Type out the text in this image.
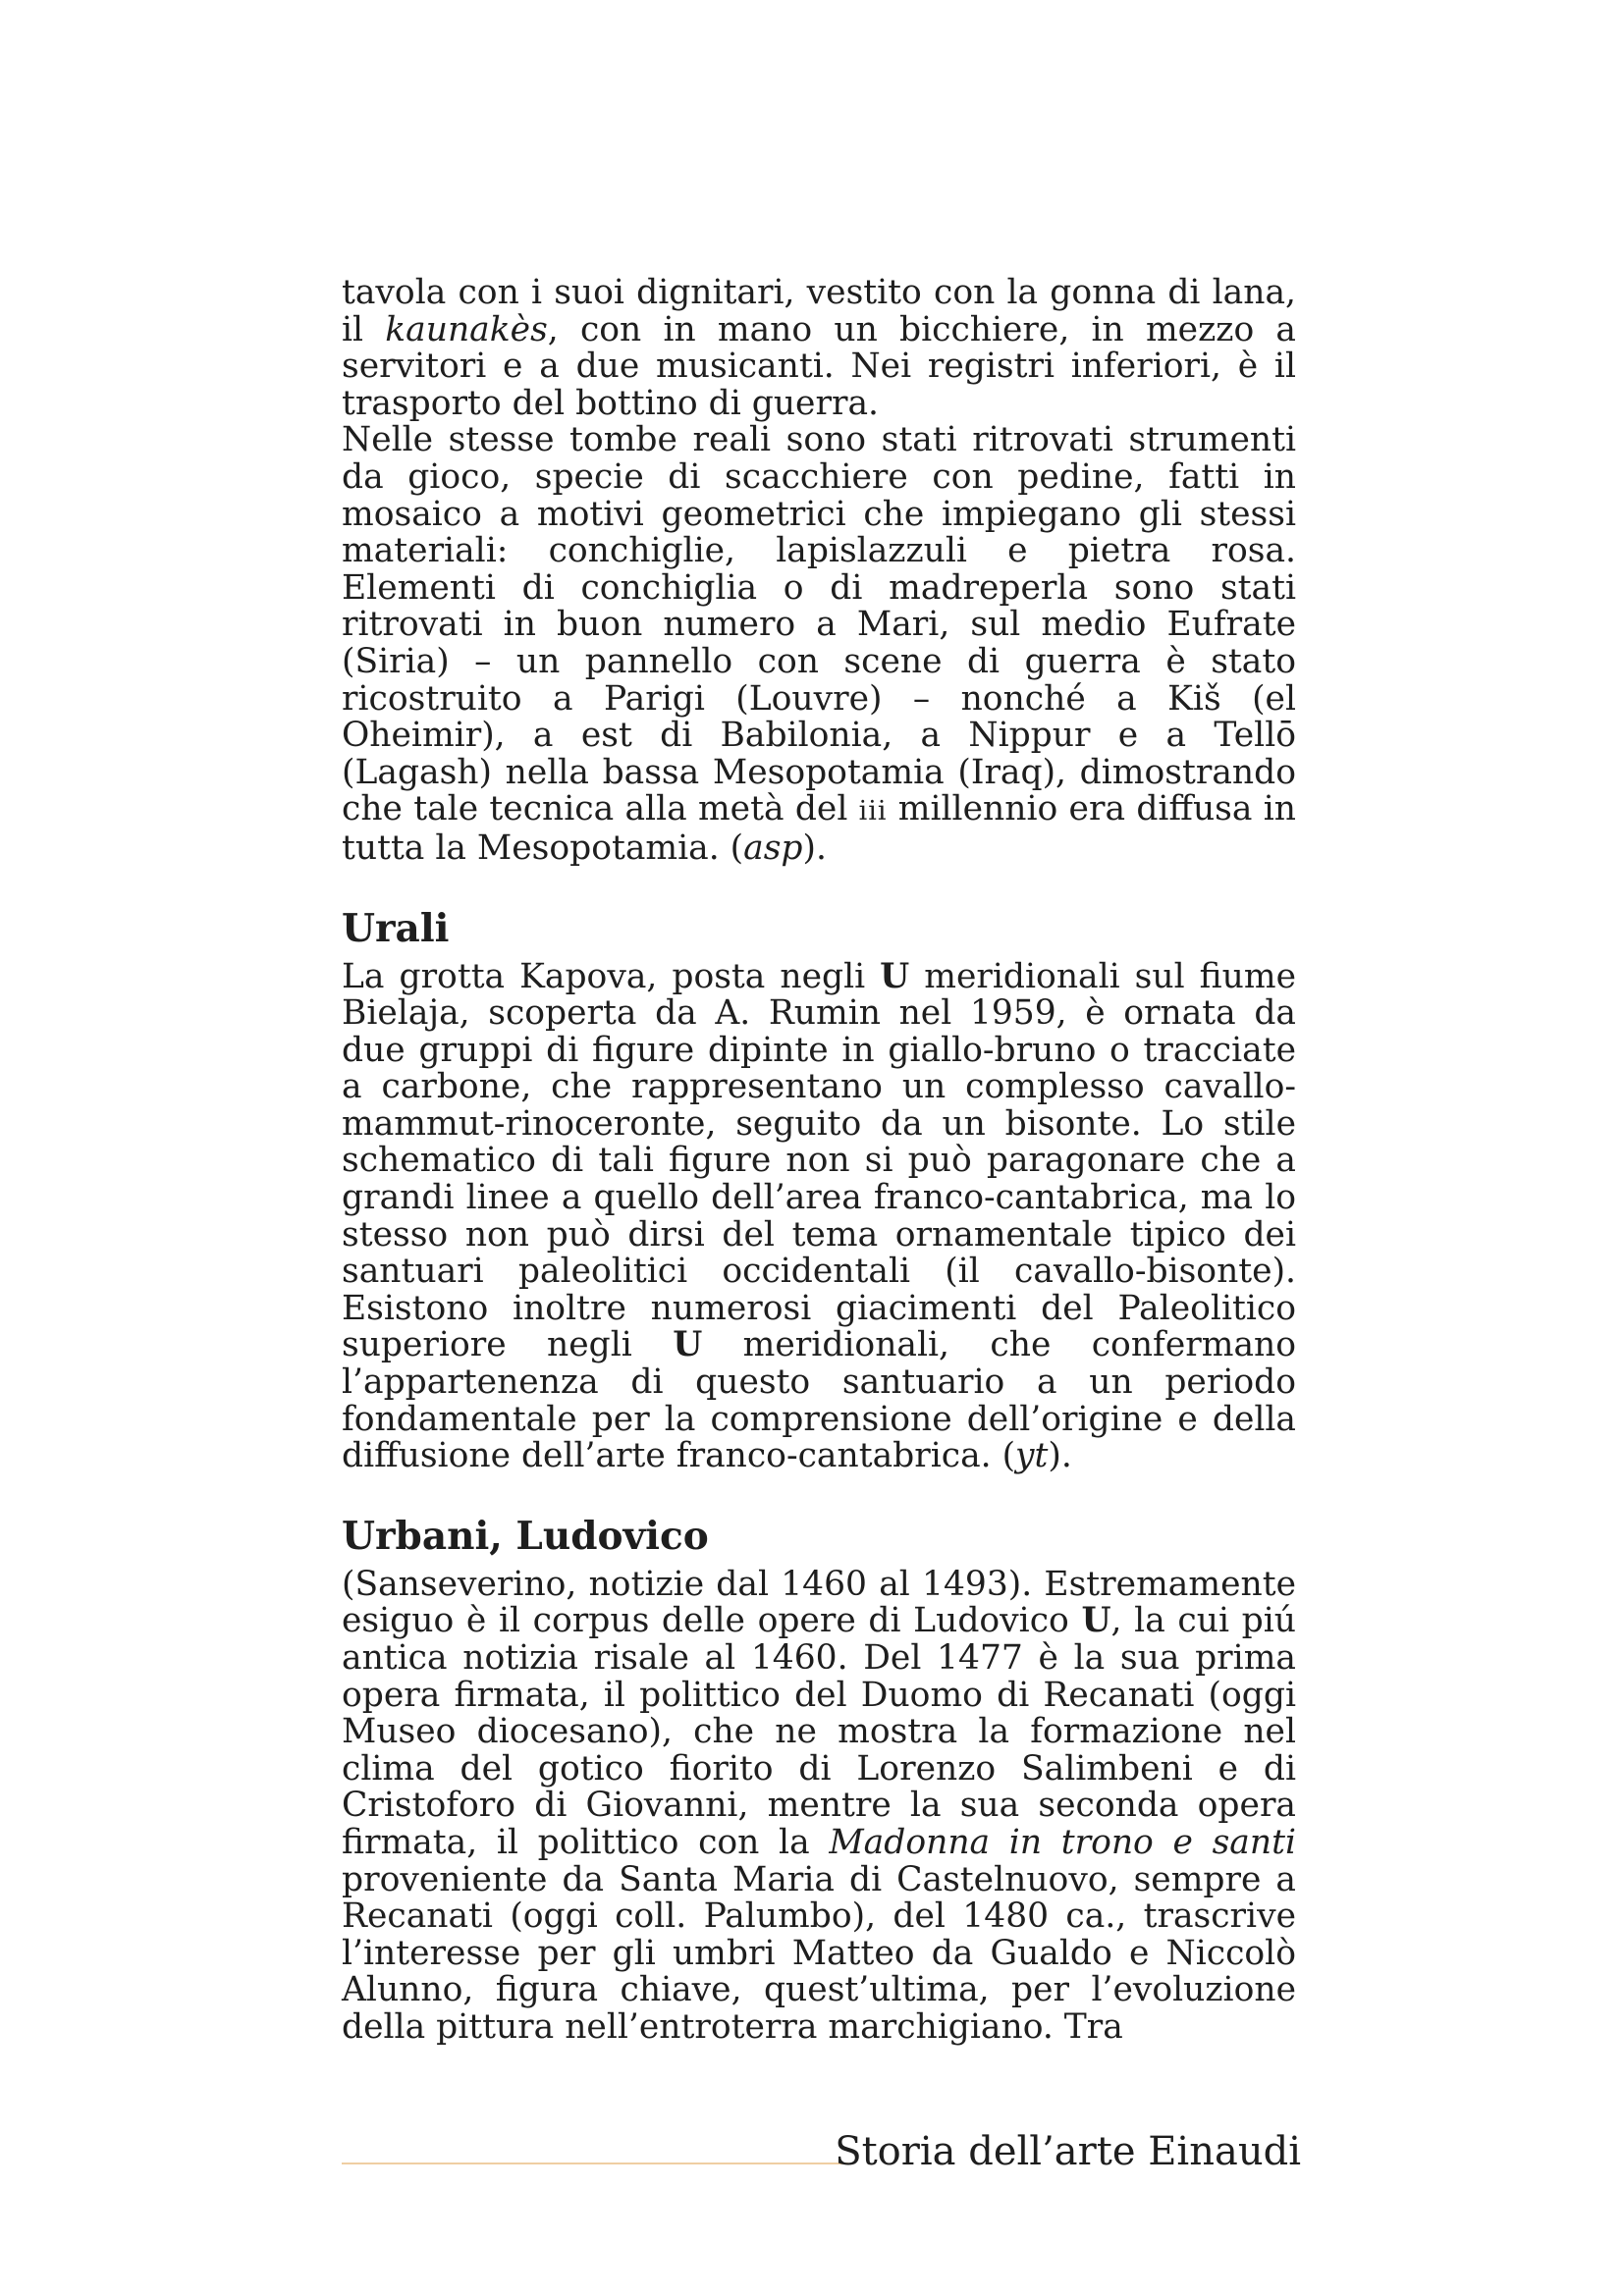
tavola con i suoi dignitari, vestito con la gonna di lana, il kaunakès, con in mano un bicchiere, in mezzo a servitori e a due musicanti. Nei registri inferiori, è il trasporto del bottino di guerra.

Nelle stesse tombe reali sono stati ritrovati strumenti da gioco, specie di scacchiere con pedine, fatti in mosaico a motivi geometrici che impiegano gli stessi materiali: conchiglie, lapislazzuli e pietra rosa. Elementi di conchiglia o di madreperla sono stati ritrovati in buon numero a Mari, sul medio Eufrate (Siria) – un pannello con scene di guerra è stato ricostruito a Parigi (Louvre) – nonché a Kiš (el Oheimir), a est di Babilonia, a Nippur e a Tellō (Lagash) nella bassa Mesopotamia (Iraq), dimostrando che tale tecnica alla metà del iii millennio era diffusa in tutta la Mesopotamia. (asp).

Urali

La grotta Kapova, posta negli U meridionali sul fiume Bielaja, scoperta da A. Rumin nel 1959, è ornata da due gruppi di figure dipinte in giallo-bruno o tracciate a carbone, che rappresentano un complesso cavallo-mammut-rinoceronte, seguito da un bisonte. Lo stile schematico di tali figure non si può paragonare che a grandi linee a quello dell’area franco-cantabrica, ma lo stesso non può dirsi del tema ornamentale tipico dei santuari paleolitici occidentali (il cavallo-bisonte). Esistono inoltre numerosi giacimenti del Paleolitico superiore negli U meridionali, che confermano l’appartenenza di questo santuario a un periodo fondamentale per la comprensione dell’origine e della diffusione dell’arte franco-cantabrica. (yt).

Urbani, Ludovico

(Sanseverino, notizie dal 1460 al 1493). Estremamente esiguo è il corpus delle opere di Ludovico U, la cui piú antica notizia risale al 1460. Del 1477 è la sua prima opera firmata, il polittico del Duomo di Recanati (oggi Museo diocesano), che ne mostra la formazione nel clima del gotico fiorito di Lorenzo Salimbeni e di Cristoforo di Giovanni, mentre la sua seconda opera firmata, il polittico con la Madonna in trono e santi proveniente da Santa Maria di Castelnuovo, sempre a Recanati (oggi coll. Palumbo), del 1480 ca., trascrive l’interesse per gli umbri Matteo da Gualdo e Niccolò Alunno, figura chiave, quest’ultima, per l’evoluzione della pittura nell’entroterra marchigiano. Tra

Storia dell’arte Einaudi
